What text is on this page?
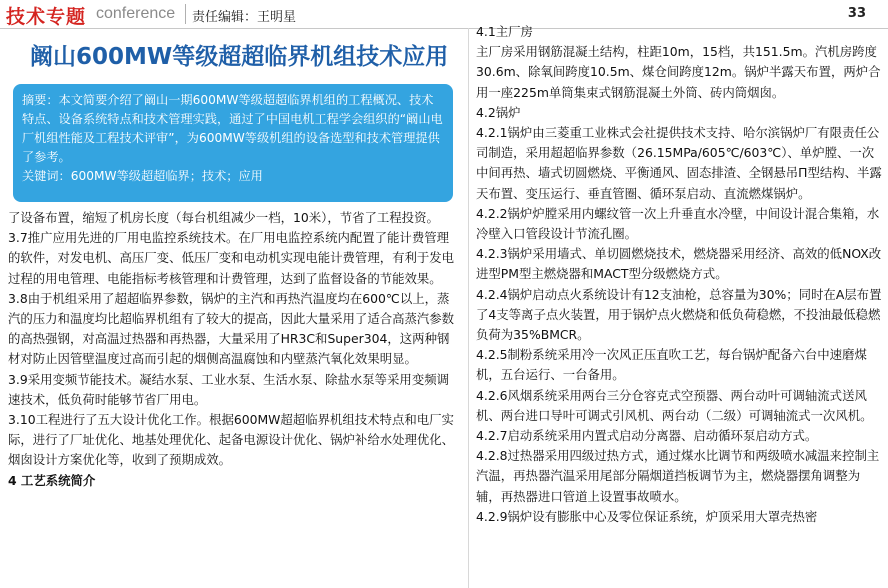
技术专题 conference 责任编辑：王明星	33
阚山600MW等级超超临界机组技术应用

摘要：本文简要介绍了阚山一期600MW等级超超临界机组的工程概况、技术特点、设备系统特点和技术管理实践，通过了中国电机工程学会组织的“阚山电厂机组性能及工程技术评审”，为600MW等级机组的设备选型和技术管理提供了参考。

关键词：600MW等级超超临界；技术；应用

了设备布置，缩短了机房长度（每台机组减少一档，10米），节省了工程投资。

3.7推广应用先进的厂用电监控系统技术。在厂用电监控系统内配置了能计费管理的软件，对发电机、高压厂变、低压厂变和电动机实现电能计费管理，有利于发电过程的用电管理、电能指标考核管理和计费管理，达到了监督设备的节能效果。

3.8由于机组采用了超超临界参数，锅炉的主汽和再热汽温度均在600℃以上，蒸汽的压力和温度均比超临界机组有了较大的提高，因此大量采用了适合高蒸汽参数的高热强钢，对高温过热器和再热器，大量采用了HR3C和Super304，这两种钢材对防止因管壁温度过高而引起的烟侧高温腐蚀和内壁蒸汽氧化效果明显。

3.9采用变频节能技术。凝结水泵、工业水泵、生活水泵、除盐水泵等采用变频调速技术，低负荷时能够节省厂用电。

3.10工程进行了五大设计优化工作。根据600MW超超临界机组技术特点和电厂实际，进行了厂址优化、地基处理优化、起备电源设计优化、锅炉补给水处理优化、烟囱设计方案优化等，收到了预期成效。

4 工艺系统简介

4.1主厂房

主厂房采用钢筋混凝土结构，柱距10m，15档，共151.5m。汽机房跨度30.6m、除氧间跨度10.5m、煤仓间跨度12m。锅炉半露天布置，两炉合用一座225m单筒集束式钢筋混凝土外筒、砖内筒烟囱。

4.2锅炉

4.2.1锅炉由三菱重工业株式会社提供技术支持、哈尔滨锅炉厂有限责任公司制造，采用超超临界参数（26.15MPa/605℃/603℃）、单炉膛、一次中间再热、墙式切圆燃烧、平衡通风、固态排渣、全钢悬吊Π型结构、半露天布置、变压运行、垂直管圈、循环泵启动、直流燃煤锅炉。

4.2.2锅炉炉膛采用内螺纹管一次上升垂直水冷壁，中间设计混合集箱，水冷壁入口管段设计节流孔圈。

4.2.3锅炉采用墙式、单切圆燃烧技术，燃烧器采用经济、高效的低NOX改进型PM型主燃烧器和MACT型分级燃烧方式。

4.2.4锅炉启动点火系统设计有12支油枪，总容量为30%；同时在A层布置了4支等离子点火装置，用于锅炉点火燃烧和低负荷稳燃，不投油最低稳燃负荷为35%BMCR。

4.2.5制粉系统采用冷一次风正压直吹工艺，每台锅炉配备六台中速磨煤机，五台运行、一台备用。

4.2.6风烟系统采用两台三分仓容克式空预器、两台动叶可调轴流式送风机、两台进口导叶可调式引风机、两台动（二级）可调轴流式一次风机。

4.2.7启动系统采用内置式启动分离器、启动循环泵启动方式。

4.2.8过热器采用四级过热方式，通过煤水比调节和两级喷水减温来控制主汽温，再热器汽温采用尾部分隔烟道挡板调节为主，燃烧器摆角调整为辅，再热器进口管道上设置事故喷水。

4.2.9锅炉设有膨胀中心及零位保证系统，炉顶采用大罩壳热密
